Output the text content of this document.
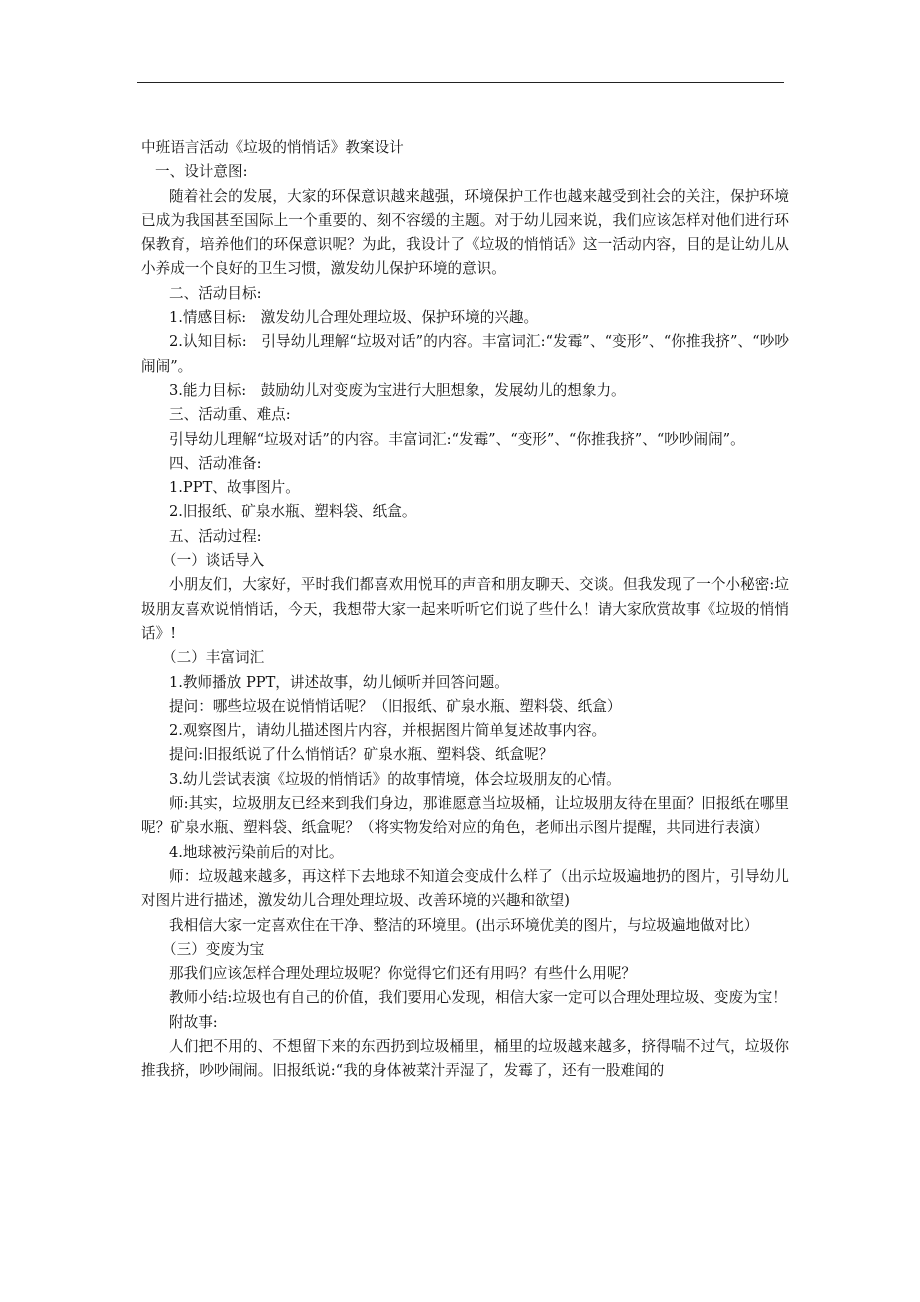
中班语言活动《垃圾的悄悄话》教案设计

一、设计意图:

随着社会的发展，大家的环保意识越来越强，环境保护工作也越来越受到社会的关注，保护环境已成为我国甚至国际上一个重要的、刻不容缓的主题。对于幼儿园来说，我们应该怎样对他们进行环保教育，培养他们的环保意识呢？为此，我设计了《垃圾的悄悄话》这一活动内容，目的是让幼儿从小养成一个良好的卫生习惯，激发幼儿保护环境的意识。

二、活动目标:

1.情感目标:　激发幼儿合理处理垃圾、保护环境的兴趣。

2.认知目标:　引导幼儿理解“垃圾对话”的内容。丰富词汇:“发霉”、“变形”、“你推我挤”、“吵吵闹闹”。

3.能力目标:　鼓励幼儿对变废为宝进行大胆想象，发展幼儿的想象力。

三、活动重、难点:

引导幼儿理解“垃圾对话”的内容。丰富词汇:“发霉”、“变形”、“你推我挤”、“吵吵闹闹”。

四、活动准备:

1.PPT、故事图片。

2.旧报纸、矿泉水瓶、塑料袋、纸盒。

五、活动过程:

（一）谈话导入

小朋友们，大家好，平时我们都喜欢用悦耳的声音和朋友聊天、交谈。但我发现了一个小秘密:垃圾朋友喜欢说悄悄话，今天，我想带大家一起来听听它们说了些什么！请大家欣赏故事《垃圾的悄悄话》!

（二）丰富词汇

1.教师播放 PPT，讲述故事，幼儿倾听并回答问题。

提问：哪些垃圾在说悄悄话呢？（旧报纸、矿泉水瓶、塑料袋、纸盒）

2.观察图片，请幼儿描述图片内容，并根据图片简单复述故事内容。

提问:旧报纸说了什么悄悄话？矿泉水瓶、塑料袋、纸盒呢？

3.幼儿尝试表演《垃圾的悄悄话》的故事情境，体会垃圾朋友的心情。

师:其实，垃圾朋友已经来到我们身边，那谁愿意当垃圾桶，让垃圾朋友待在里面？旧报纸在哪里呢？矿泉水瓶、塑料袋、纸盒呢？（将实物发给对应的角色，老师出示图片提醒，共同进行表演）

4.地球被污染前后的对比。

师：垃圾越来越多，再这样下去地球不知道会变成什么样了（出示垃圾遍地扔的图片，引导幼儿对图片进行描述，激发幼儿合理处理垃圾、改善环境的兴趣和欲望)

我相信大家一定喜欢住在干净、整洁的环境里。(出示环境优美的图片，与垃圾遍地做对比）

（三）变废为宝

那我们应该怎样合理处理垃圾呢？你觉得它们还有用吗？有些什么用呢？

教师小结:垃圾也有自己的价值，我们要用心发现，相信大家一定可以合理处理垃圾、变废为宝！

附故事:

人们把不用的、不想留下来的东西扔到垃圾桶里，桶里的垃圾越来越多，挤得喘不过气，垃圾你推我挤，吵吵闹闹。旧报纸说:“我的身体被菜汁弄湿了，发霉了，还有一股难闻的
